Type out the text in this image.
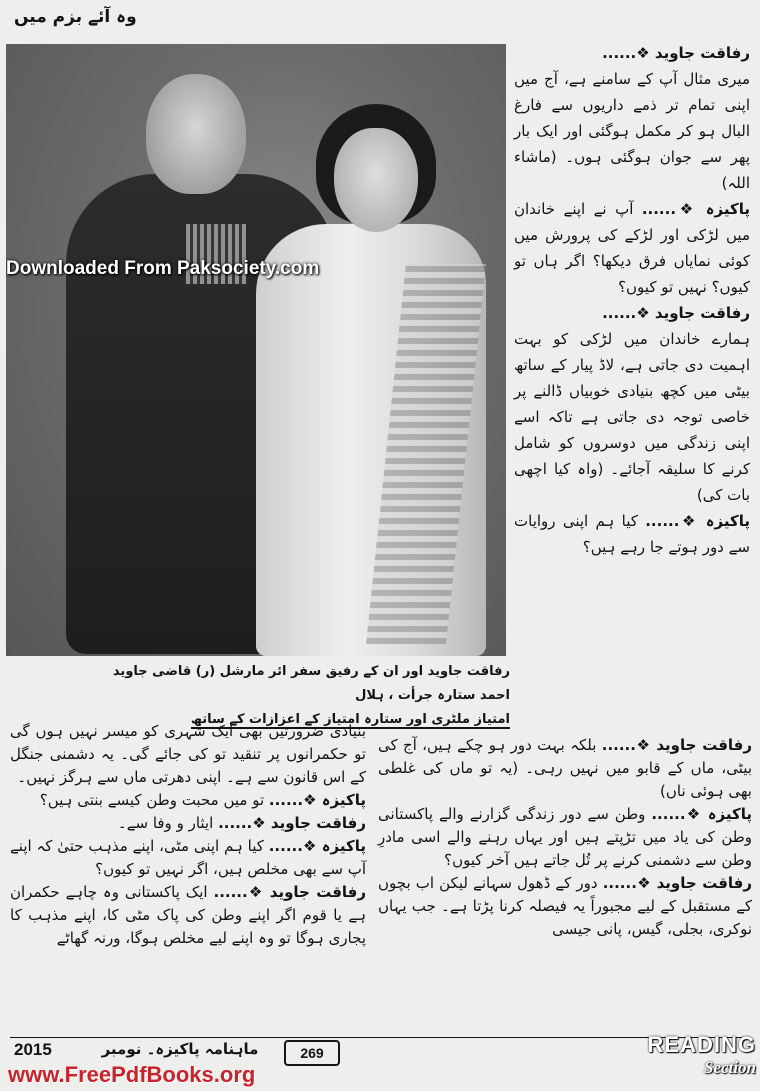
وہ آئے بزم میں
Downloaded From Paksociety.com
رفاقت جاوید اور ان کے رفیق سفر ائر مارشل (ر) قاضی جاوید احمد ستارہ جرأت ، ہلال
امتیاز ملٹری اور ستارہ امتیاز کے اعزازات کے ساتھ

رفاقت جاوید ❖......

میری مثال آپ کے سامنے ہے، آج میں اپنی تمام تر ذمے داریوں سے فارغ البال ہو کر مکمل ہوگئی اور ایک بار پھر سے جوان ہوگئی ہوں۔ (ماشاء اللہ)

پاکیزہ ❖...... آپ نے اپنے خاندان میں لڑکی اور لڑکے کی پرورش میں کوئی نمایاں فرق دیکھا؟ اگر ہاں تو کیوں؟ نہیں تو کیوں؟

رفاقت جاوید ❖......

ہمارے خاندان میں لڑکی کو بہت اہمیت دی جاتی ہے، لاڈ پیار کے ساتھ بیٹی میں کچھ بنیادی خوبیاں ڈالنے پر خاصی توجہ دی جاتی ہے تاکہ اسے اپنی زندگی میں دوسروں کو شامل کرنے کا سلیقہ آجائے۔ (واہ کیا اچھی بات کی)

پاکیزہ ❖...... کیا ہم اپنی روایات سے دور ہوتے جا رہے ہیں؟

رفاقت جاوید ❖...... بلکہ بہت دور ہو چکے ہیں، آج کی بیٹی، ماں کے قابو میں نہیں رہی۔ (یہ تو ماں کی غلطی بھی ہوئی ناں)

پاکیزہ ❖...... وطن سے دور زندگی گزارنے والے پاکستانی وطن کی یاد میں تڑپتے ہیں اور یہاں رہنے والے اسی مادرِ وطن سے دشمنی کرنے پر تُل جاتے ہیں آخر کیوں؟

رفاقت جاوید ❖...... دور کے ڈھول سہانے لیکن اب بچوں کے مستقبل کے لیے مجبوراً یہ فیصلہ کرنا پڑتا ہے۔ جب یہاں نوکری، بجلی، گیس، پانی جیسی

بنیادی ضرورتیں بھی ایک شہری کو میسر نہیں ہوں گی تو حکمرانوں پر تنقید تو کی جائے گی۔ یہ دشمنی جنگل کے اس قانون سے ہے۔ اپنی دھرتی ماں سے ہرگز نہیں۔

پاکیزہ ❖...... تو میں محبت وطن کیسے بنتی ہیں؟

رفاقت جاوید ❖...... ایثار و وفا سے۔

پاکیزہ ❖...... کیا ہم اپنی مٹی، اپنے مذہب حتیٰ کہ اپنے آپ سے بھی مخلص ہیں، اگر نہیں تو کیوں؟

رفاقت جاوید ❖...... ایک پاکستانی وہ چاہے حکمران ہے یا قوم اگر اپنے وطن کی پاک مٹی کا، اپنے مذہب کا پجاری ہوگا تو وہ اپنے لیے مخلص ہوگا، ورنہ گھاٹے

2015	ماہنامہ پاکیزہ۔ نومبر	269
www.FreePdfBooks.org
READING
Section
